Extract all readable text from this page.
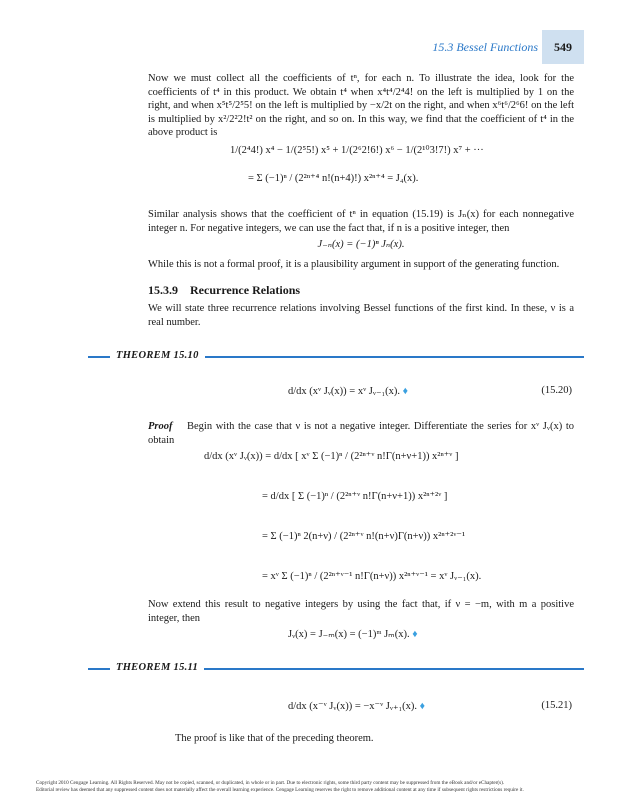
15.3 Bessel Functions	549
Now we must collect all the coefficients of tⁿ, for each n. To illustrate the idea, look for the coefficients of t⁴ in this product. We obtain t⁴ when x⁴t⁴/2⁴4! on the left is multiplied by 1 on the right, and when x⁵t⁵/2⁵5! on the left is multiplied by −x/2t on the right, and when x⁶t⁶/2⁶6! on the left is multiplied by x²/2²2!t² on the right, and so on. In this way, we find that the coefficient of t⁴ in the above product is
1/(2⁴4!) x⁴ − 1/(2⁵5!) x⁵ + 1/(2⁶2!6!) x⁶ − 1/(2¹⁰3!7!) x⁷ + ···
= Σ (−1)ⁿ / (2²ⁿ⁺⁴ n!(n+4)!) x²ⁿ⁺⁴ = J₄(x).
Similar analysis shows that the coefficient of tⁿ in equation (15.19) is Jₙ(x) for each nonnegative integer n. For negative integers, we can use the fact that, if n is a positive integer, then
J₋ₙ(x) = (−1)ⁿ Jₙ(x).
While this is not a formal proof, it is a plausibility argument in support of the generating function.
15.3.9 Recurrence Relations
We will state three recurrence relations involving Bessel functions of the first kind. In these, ν is a real number.
THEOREM 15.10
d/dx (xᵛ Jᵥ(x)) = xᵛ Jᵥ₋₁(x). ♦	(15.20)
Proof Begin with the case that ν is not a negative integer. Differentiate the series for xᵛ Jᵥ(x) to obtain
d/dx (xᵛ Jᵥ(x)) = d/dx [ xᵛ Σ (−1)ⁿ / (2²ⁿ⁺ᵛ n!Γ(n+ν+1)) x²ⁿ⁺ᵛ ]
= d/dx [ Σ (−1)ⁿ / (2²ⁿ⁺ᵛ n!Γ(n+ν+1)) x²ⁿ⁺²ᵛ ]
= Σ (−1)ⁿ 2(n+ν) / (2²ⁿ⁺ᵛ n!(n+ν)Γ(n+ν)) x²ⁿ⁺²ᵛ⁻¹
= xᵛ Σ (−1)ⁿ / (2²ⁿ⁺ᵛ⁻¹ n!Γ(n+ν)) x²ⁿ⁺ᵛ⁻¹ = xᵛ Jᵥ₋₁(x).
Now extend this result to negative integers by using the fact that, if ν = −m, with m a positive integer, then
Jᵥ(x) = J₋ₘ(x) = (−1)ᵐ Jₘ(x). ♦
THEOREM 15.11
d/dx (x⁻ᵛ Jᵥ(x)) = −x⁻ᵛ Jᵥ₊₁(x). ♦	(15.21)
The proof is like that of the preceding theorem.
Copyright 2010 Cengage Learning. All Rights Reserved. May not be copied, scanned, or duplicated, in whole or in part. Due to electronic rights, some third party content may be suppressed from the eBook and/or eChapter(s).
Editorial review has deemed that any suppressed content does not materially affect the overall learning experience. Cengage Learning reserves the right to remove additional content at any time if subsequent rights restrictions require it.
